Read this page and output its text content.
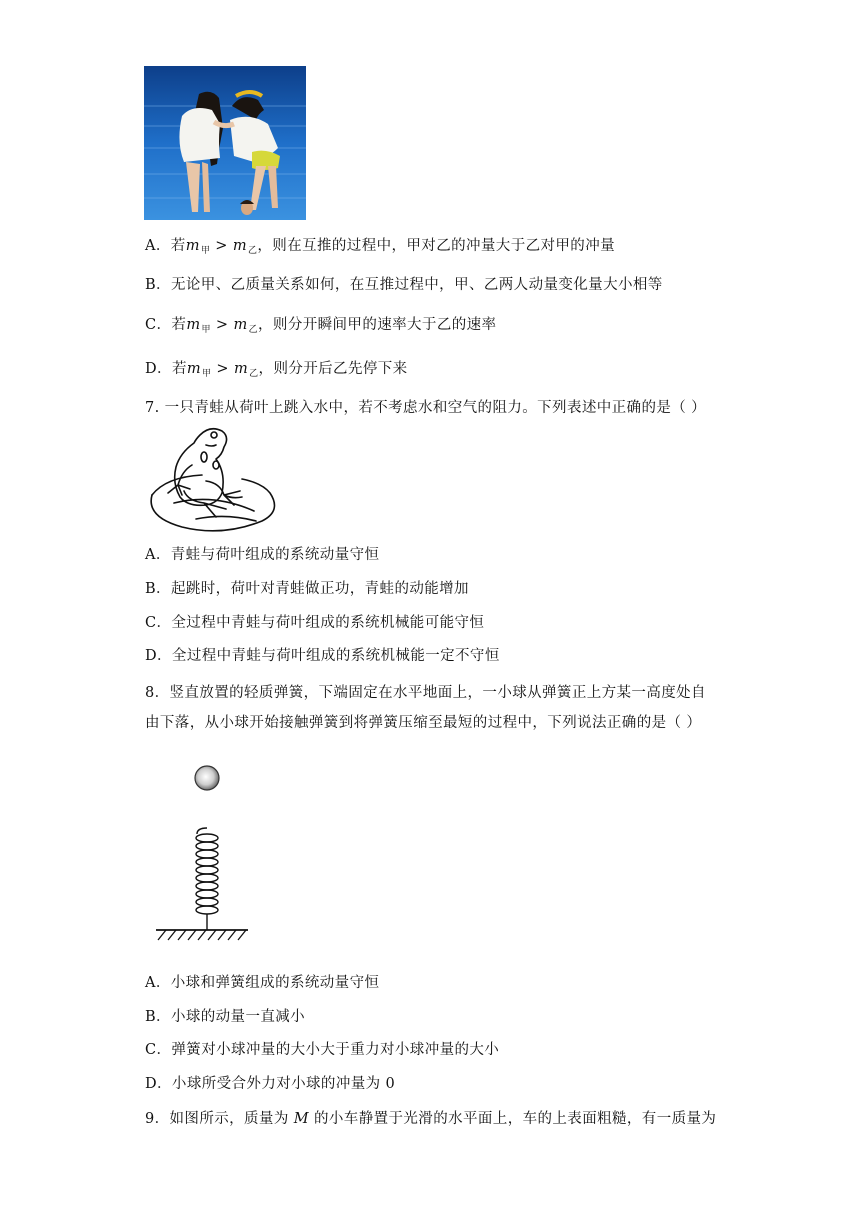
A．若$m_甲 > m_乙$，则在互推的过程中，甲对乙的冲量大于乙对甲的冲量
B．无论甲、乙质量关系如何，在互推过程中，甲、乙两人动量变化量大小相等
C．若$m_甲 > m_乙$，则分开瞬间甲的速率大于乙的速率
D．若$m_甲 > m_乙$，则分开后乙先停下来
7. 一只青蛙从荷叶上跳入水中，若不考虑水和空气的阻力。下列表述中正确的是（ ）
A．青蛙与荷叶组成的系统动量守恒
B．起跳时，荷叶对青蛙做正功，青蛙的动能增加
C．全过程中青蛙与荷叶组成的系统机械能可能守恒
D．全过程中青蛙与荷叶组成的系统机械能一定不守恒
8．竖直放置的轻质弹簧，下端固定在水平地面上，一小球从弹簧正上方某一高度处自
由下落，从小球开始接触弹簧到将弹簧压缩至最短的过程中，下列说法正确的是（ ）
A．小球和弹簧组成的系统动量守恒
B．小球的动量一直减小
C．弹簧对小球冲量的大小大于重力对小球冲量的大小
D．小球所受合外力对小球的冲量为 0
9．如图所示，质量为 M 的小车静置于光滑的水平面上，车的上表面粗糙，有一质量为
